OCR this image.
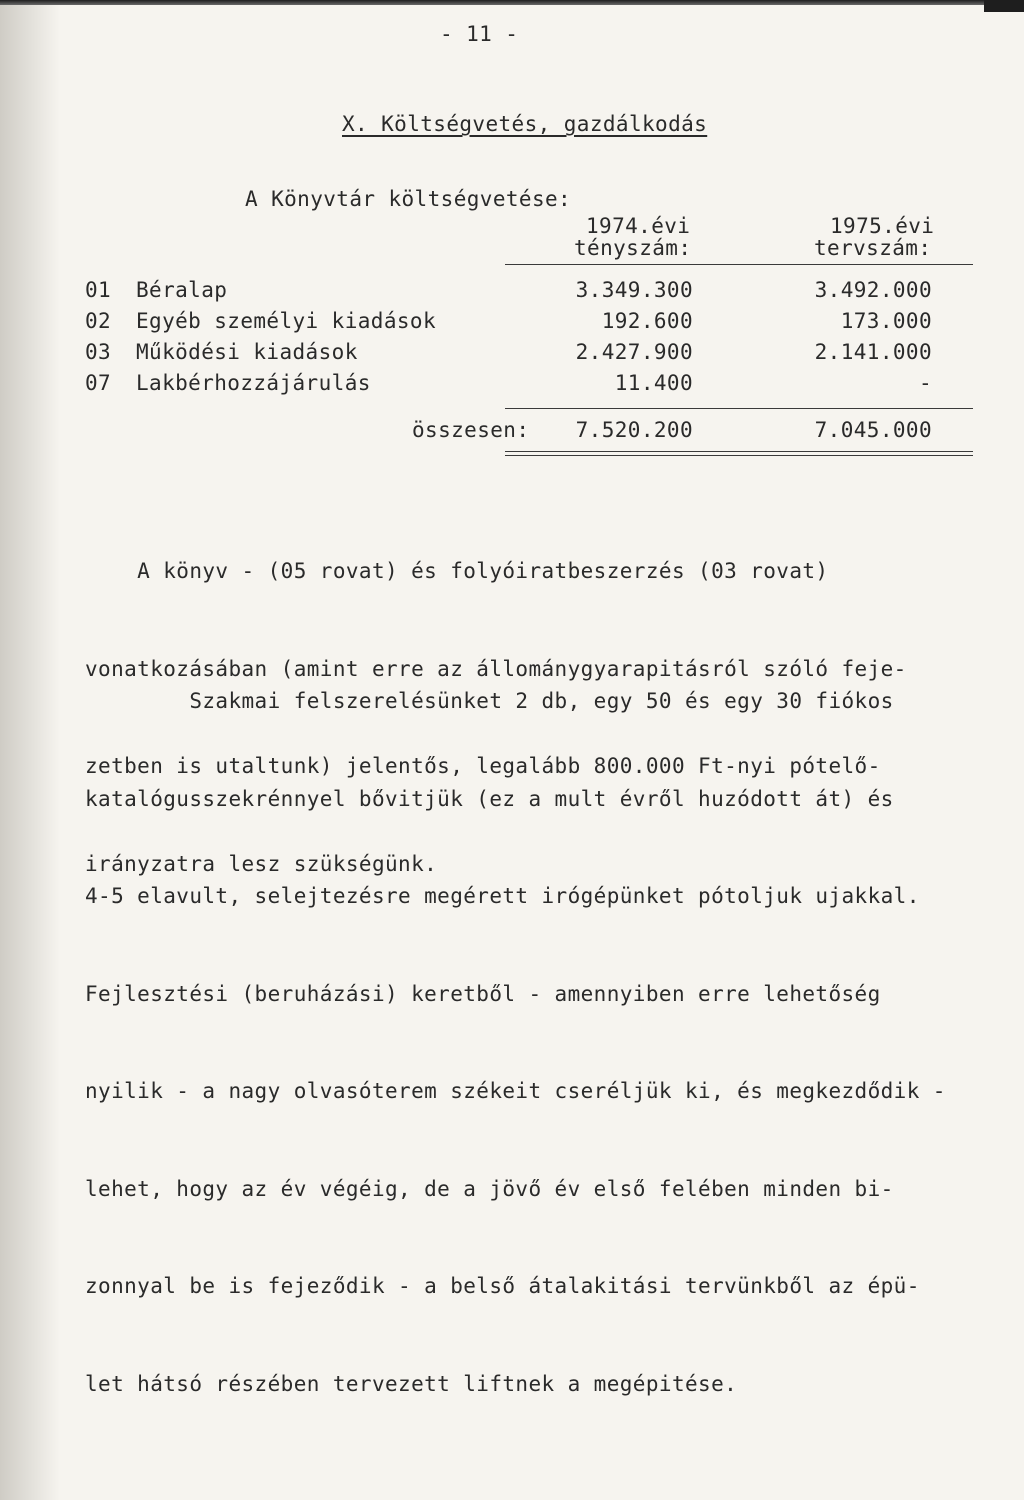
- 11 -
X. Költségvetés, gazdálkodás
A Könyvtár költségvetése:
1974.évi
tényszám:
1975.évi
tervszám:
01 Béralap	3.349.300	3.492.000
02 Egyéb személyi kiadások	192.600	173.000
03 Működési kiadások	2.427.900	2.141.000
07 Lakbérhozzájárulás	11.400	-
összesen: 7.520.200	7.045.000

A könyv - (05 rovat) és folyóiratbeszerzés (03 rovat)

vonatkozásában (amint erre az állománygyarapitásról szóló feje-

zetben is utaltunk) jelentős, legalább 800.000 Ft-nyi pótelő-

irányzatra lesz szükségünk.

Szakmai felszerelésünket 2 db, egy 50 és egy 30 fiókos

katalógusszekrénnyel bővitjük (ez a mult évről huzódott át) és

4-5 elavult, selejtezésre megérett irógépünket pótoljuk ujakkal.

Fejlesztési (beruházási) keretből - amennyiben erre lehetőség

nyilik - a nagy olvasóterem székeit cseréljük ki, és megkezdődik -

lehet, hogy az év végéig, de a jövő év első felében minden bi-

zonnyal be is fejeződik - a belső átalakitási tervünkből az épü-

let hátsó részében tervezett liftnek a megépitése.
